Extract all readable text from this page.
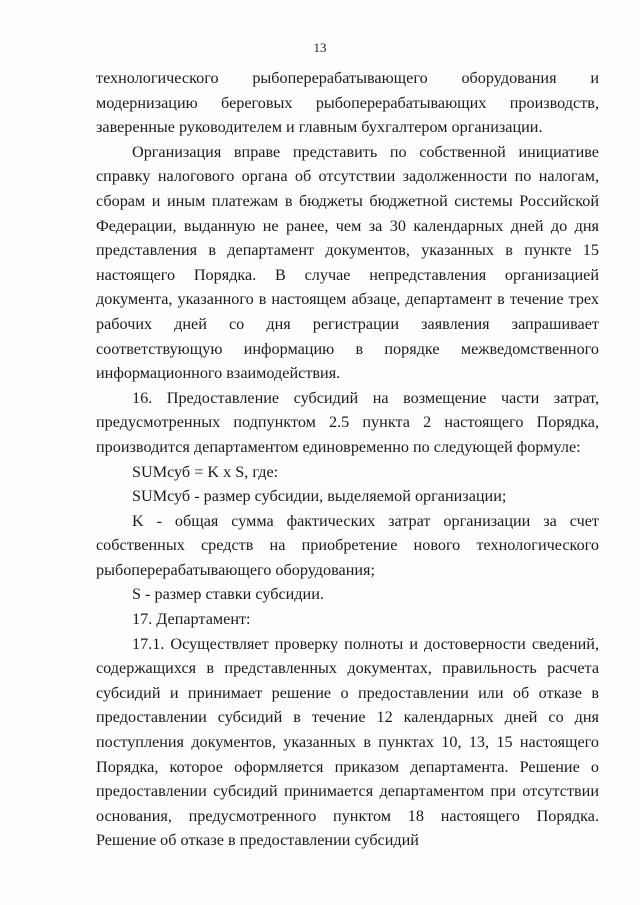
13

технологического рыбоперерабатывающего оборудования и модернизацию береговых рыбоперерабатывающих производств, заверенные руководителем и главным бухгалтером организации.

Организация вправе представить по собственной инициативе справку налогового органа об отсутствии задолженности по налогам, сборам и иным платежам в бюджеты бюджетной системы Российской Федерации, выданную не ранее, чем за 30 календарных дней до дня представления в департамент документов, указанных в пункте 15 настоящего Порядка. В случае непредставления организацией документа, указанного в настоящем абзаце, департамент в течение трех рабочих дней со дня регистрации заявления запрашивает соответствующую информацию в порядке межведомственного информационного взаимодействия.

16. Предоставление субсидий на возмещение части затрат, предусмотренных подпунктом 2.5 пункта 2 настоящего Порядка, производится департаментом единовременно по следующей формуле:

SUMсуб = K x S, где:

SUMсуб - размер субсидии, выделяемой организации;

K - общая сумма фактических затрат организации за счет собственных средств на приобретение нового технологического рыбоперерабатывающего оборудования;

S - размер ставки субсидии.

17. Департамент:

17.1. Осуществляет проверку полноты и достоверности сведений, содержащихся в представленных документах, правильность расчета субсидий и принимает решение о предоставлении или об отказе в предоставлении субсидий в течение 12 календарных дней со дня поступления документов, указанных в пунктах 10, 13, 15 настоящего Порядка, которое оформляется приказом департамента. Решение о предоставлении субсидий принимается департаментом при отсутствии основания, предусмотренного пунктом 18 настоящего Порядка. Решение об отказе в предоставлении субсидий
